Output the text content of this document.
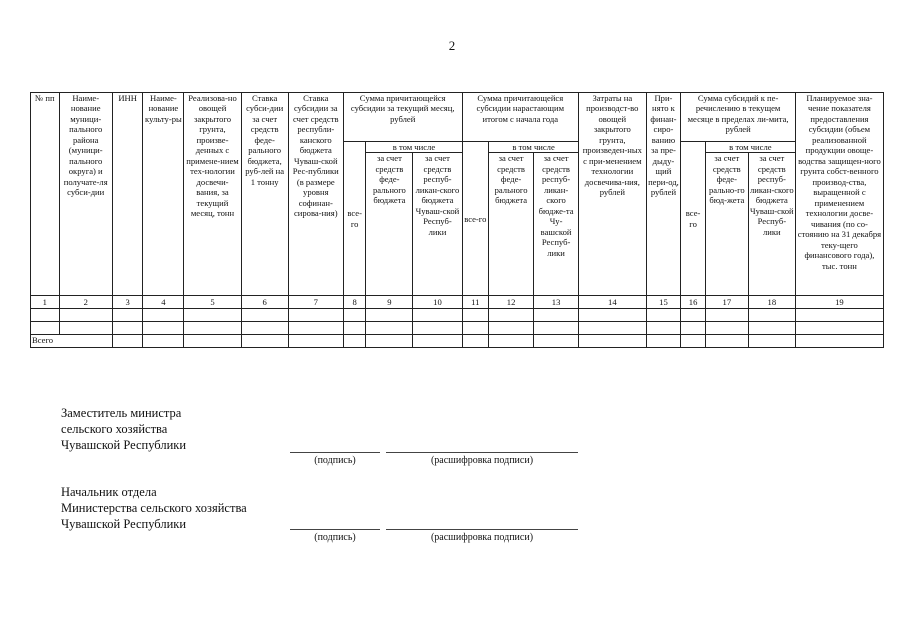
2
№ пп	Наиме-нование муници-пального района (муници-пального округа) и получате-ля субси-дии	ИНН	Наиме-нование культу-ры	Реализова-но овощей закрытого грунта, произве-денных с примене-нием тех-нологии досвечи-вания, за текущий месяц, тонн	Ставка субси-дии за счет средств феде-рального бюджета, руб-лей на 1 тонну	Ставка субсидии за счет средств республи-канского бюджета Чуваш-ской Рес-публики (в размере уровня софинан-сирова-ния)	Сумма причитающейся субсидии за текущий месяц, рублей			Сумма причитающейся субсидии нарастающим итогом с начала года			Затраты на производст-во овощей закрытого грунта, произведен-ных с при-менением технологии досвечива-ния, рублей	При-нято к финан-сиро-ванию за пре-дыду-щий пери-од, рублей	Сумма субсидий к пе-речислению в текущем месяце в пределах ли-мита, рублей			Планируемое зна-чение показателя предоставления субсидии (объем реализованной продукции овоще-водства защищен-ного грунта собст-венного производ-ства, выращенной с применением технологии досве-чивания (по со-стоянию на 31 декабря теку-щего финансового года), тыс. тонн
							все-го	в том числе		все-го	в том числе				все-го	в том числе		
								за счет средств феде-рального бюджета	за счет средств респуб-ликан-ского бюджета Чуваш-ской Респуб-лики		за счет средств феде-рального бюджета	за счет средств респуб-ликан-ского бюдже-та Чу-вашской Респуб-лики				за счет средств феде-рально-го бюд-жета	за счет средств респуб-ликан-ского бюджета Чуваш-ской Респуб-лики	
1	2	3	4	5	6	7	8	9	10	11	12	13	14	15	16	17	18	19

Всего																		
Заместитель министра
сельского хозяйства
Чувашской Республики
(подпись)	(расшифровка подписи)
Начальник отдела
Министерства сельского хозяйства
Чувашской Республики
(подпись)	(расшифровка подписи)
